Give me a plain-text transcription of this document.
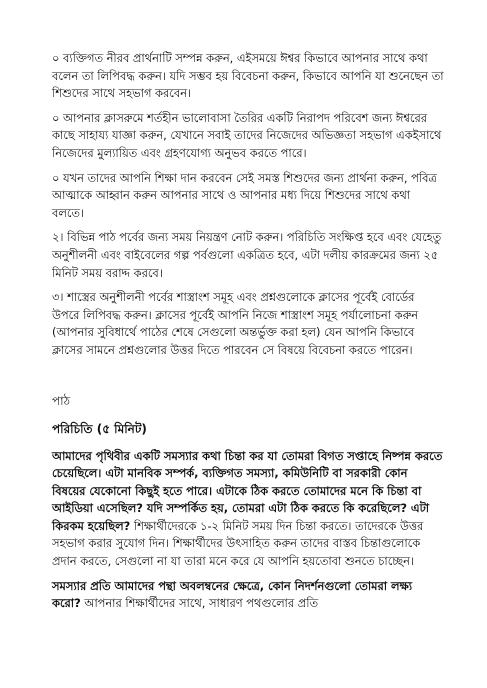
০ ব্যক্তিগত নীরব প্রার্থনাটি সম্পন্ন করুন, এইসময়ে ঈশ্বর কিভাবে আপনার সাথে কথা বলেন তা লিপিবদ্ধ করুন। যদি সম্ভব হয় বিবেচনা করুন, কিভাবে আপনি যা শুনেছেন তা শিশুদের সাথে সহভাগ করবেন।

০ আপনার ক্লাসরুমে শর্তহীন ভালোবাসা তৈরির একটি নিরাপদ পরিবেশ জন্য ঈশ্বরের কাছে সাহায্য যাজ্ঞা করুন, যেখানে সবাই তাদের নিজেদের অভিজ্ঞতা সহভাগ একইসাথে নিজেদের মুল্যায়িত এবং গ্রহণযোগ্য অনুভব করতে পারে।

০ যখন তাদের আপনি শিক্ষা দান করবেন সেই সমস্ত শিশুদের জন্য প্রার্থনা করুন, পবিত্র আত্মাকে আহ্বান করুন আপনার সাথে ও আপনার মধ্য দিয়ে শিশুদের সাথে কথা বলতে।

২। বিভিন্ন পাঠ পর্বের জন্য সময় নিয়ন্ত্রণ নোট করুন। পরিচিতি সংক্ষিপ্ত হবে এবং যেহেতু অনুশীলনী এবং বাইবেলের গল্প পর্বগুলো একত্রিত হবে, এটা দলীয় কারক্রমের জন্য ২৫ মিনিট সময় বরাদ্দ করবে।

৩। শাস্ত্রের অনুশীলনী পর্বের শাস্ত্রাংশ সমূহ এবং প্রশ্নগুলোকে ক্লাসের পূর্বেই বোর্ডের উপরে লিপিবদ্ধ করুন। ক্লাসের পূর্বেই আপনি নিজে শাস্ত্রাংশ সমূহ পর্যালোচনা করুন (আপনার সুবিধার্থে পাঠের শেষে সেগুলো অন্তর্ভুক্ত করা হল) যেন আপনি কিভাবে ক্লাসের সামনে প্রশ্নগুলোর উত্তর দিতে পারবেন সে বিষয়ে বিবেচনা করতে পারেন।

পাঠ
পরিচিতি (৫ মিনিট)

আমাদের পৃথিবীর একটি সমস্যার কথা চিন্তা কর যা তোমরা বিগত সপ্তাহে নিষ্পন্ন করতে চেয়েছিলে। এটা মানবিক সম্পর্ক, ব্যক্তিগত সমস্যা, কমিউনিটি বা সরকারী কোন বিষয়ের যেকোনো কিছুই হতে পারে। এটাকে ঠিক করতে তোমাদের মনে কি চিন্তা বা আইডিয়া এসেছিল? যদি সম্পর্কিত হয়, তোমরা এটা ঠিক করতে কি করেছিলে? এটা কিরকম হয়েছিল? শিক্ষার্থীদেরকে ১-২ মিনিট সময় দিন চিন্তা করতে। তাদেরকে উত্তর সহভাগ করার সুযোগ দিন। শিক্ষার্থীদের উৎসাহিত করুন তাদের বাস্তব চিন্তাগুলোকে প্রদান করতে, সেগুলো না যা তারা মনে করে যে আপনি হয়তোবা শুনতে চাচ্ছেন।

সমস্যার প্রতি আমাদের পন্থা অবলম্বনের ক্ষেত্রে, কোন নিদর্শনগুলো তোমরা লক্ষ্য করো? আপনার শিক্ষার্থীদের সাথে, সাধারণ পথগুলোর প্রতি
